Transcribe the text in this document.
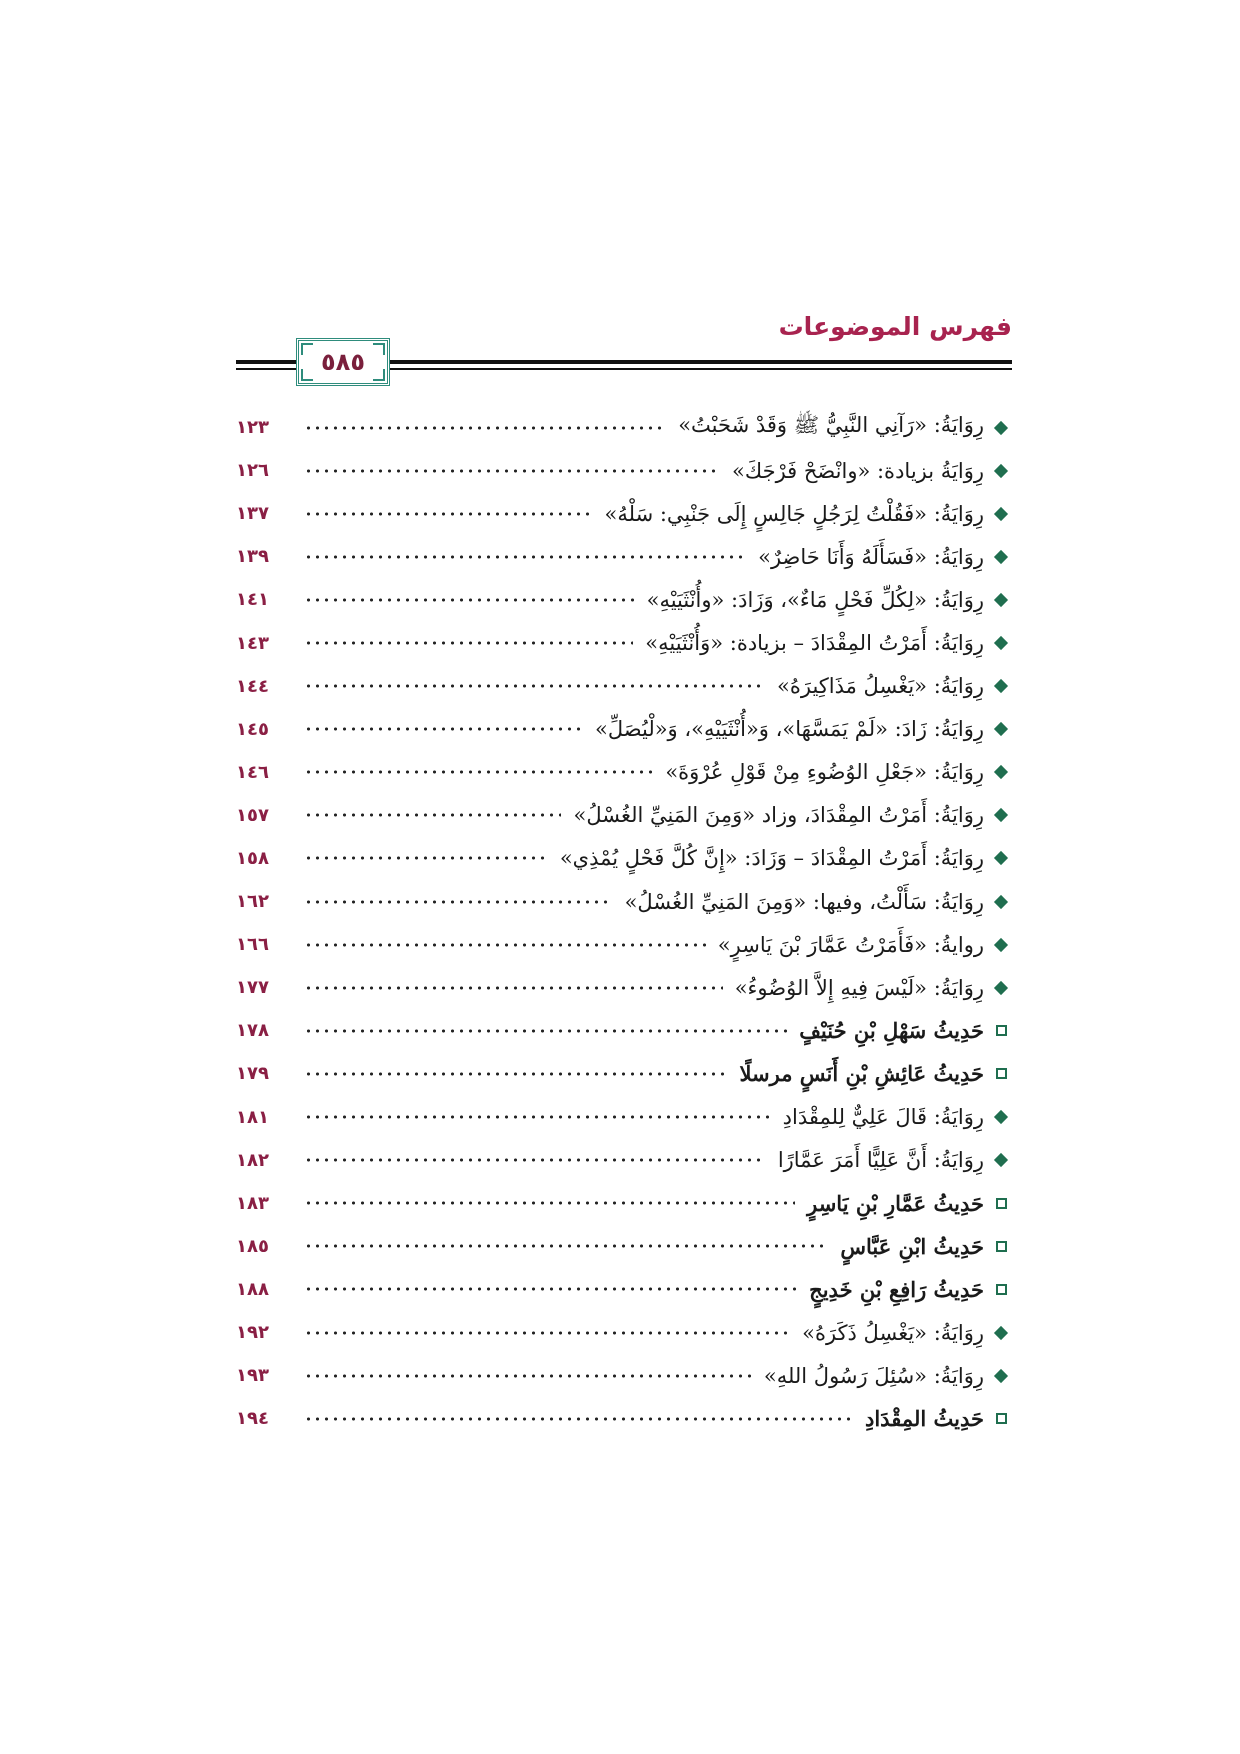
فهرس الموضوعات
٥٨٥
رِوَايَةُ: «رَآنِي النَّبِيُّ ﷺ وَقَدْ شَحَبْتُ»
١٢٣
رِوَايَةُ بزيادة: «وانْضَحْ فَرْجَكَ»
١٢٦
رِوَايَةُ: «فَقُلْتُ لِرَجُلٍ جَالِسٍ إِلَى جَنْبِي: سَلْهُ»
١٣٧
رِوَايَةُ: «فَسَأَلَهُ وَأَنَا حَاضِرٌ»
١٣٩
رِوَايَةُ: «لِكُلِّ فَحْلٍ مَاءٌ»، وَزَادَ: «وأُنْثَيَيْهِ»
١٤١
رِوَايَةُ: أَمَرْتُ المِقْدَادَ – بزيادة: «وَأُنْثَيَيْهِ»
١٤٣
رِوَايَةُ: «يَغْسِلُ مَذَاكِيرَهُ»
١٤٤
رِوَايَةُ: زَادَ: «لَمْ يَمَسَّهَا»، وَ«أُنْثَيَيْهِ»، وَ«لْيُصَلِّ»
١٤٥
رِوَايَةُ: «جَعْلِ الوُضُوءِ مِنْ قَوْلِ عُرْوَةَ»
١٤٦
رِوَايَةُ: أَمَرْتُ المِقْدَادَ، وزاد «وَمِنَ المَنِيِّ الغُسْلُ»
١٥٧
رِوَايَةُ: أَمَرْتُ المِقْدَادَ – وَزَادَ: «إِنَّ كُلَّ فَحْلٍ يُمْذِي»
١٥٨
رِوَايَةُ: سَأَلْتُ، وفيها: «وَمِنَ المَنِيِّ الغُسْلُ»
١٦٢
روايةُ: «فَأَمَرْتُ عَمَّارَ بْنَ يَاسِرٍ»
١٦٦
رِوَايَةُ: «لَيْسَ فِيهِ إِلاَّ الوُضُوءُ»
١٧٧
حَدِيثُ سَهْلِ بْنِ حُنَيْفٍ
١٧٨
حَدِيثُ عَائِشِ بْنِ أَنَسٍ مرسلًا
١٧٩
رِوَايَةُ: قَالَ عَلِيٌّ لِلمِقْدَادِ
١٨١
رِوَايَةُ: أَنَّ عَلِيًّا أَمَرَ عَمَّارًا
١٨٢
حَدِيثُ عَمَّارِ بْنِ يَاسِرٍ
١٨٣
حَدِيثُ ابْنِ عَبَّاسٍ
١٨٥
حَدِيثُ رَافِعِ بْنِ خَدِيجٍ
١٨٨
رِوَايَةُ: «يَغْسِلُ ذَكَرَهُ»
١٩٢
رِوَايَةُ: «سُئِلَ رَسُولُ اللهِ»
١٩٣
حَدِيثُ المِقْدَادِ
١٩٤
